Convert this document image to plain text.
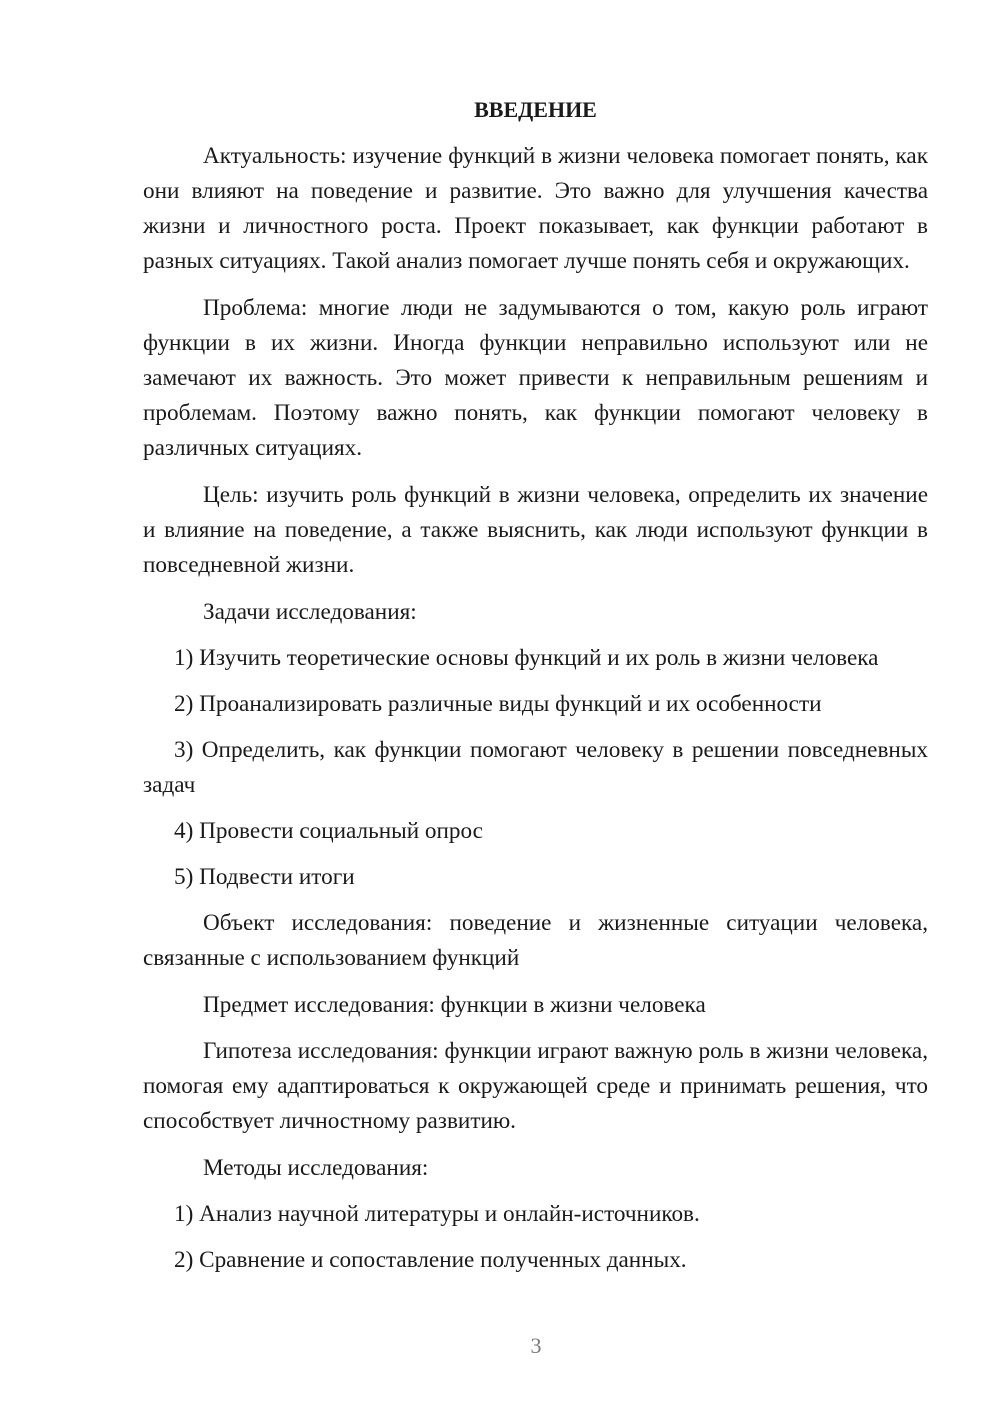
ВВЕДЕНИЕ

Актуальность: изучение функций в жизни человека помогает понять, как они влияют на поведение и развитие. Это важно для улучшения качества жизни и личностного роста. Проект показывает, как функции работают в разных ситуациях. Такой анализ помогает лучше понять себя и окружающих.

Проблема: многие люди не задумываются о том, какую роль играют функции в их жизни. Иногда функции неправильно используют или не замечают их важность. Это может привести к неправильным решениям и проблемам. Поэтому важно понять, как функции помогают человеку в различных ситуациях.

Цель: изучить роль функций в жизни человека, определить их значение и влияние на поведение, а также выяснить, как люди используют функции в повседневной жизни.

Задачи исследования:

1) Изучить теоретические основы функций и их роль в жизни человека

2) Проанализировать различные виды функций и их особенности

3) Определить, как функции помогают человеку в решении повседневных задач

4) Провести социальный опрос

5) Подвести итоги

Объект исследования: поведение и жизненные ситуации человека, связанные с использованием функций

Предмет исследования: функции в жизни человека

Гипотеза исследования: функции играют важную роль в жизни человека, помогая ему адаптироваться к окружающей среде и принимать решения, что способствует личностному развитию.

Методы исследования:

1) Анализ научной литературы и онлайн-источников.

2) Сравнение и сопоставление полученных данных.

3
